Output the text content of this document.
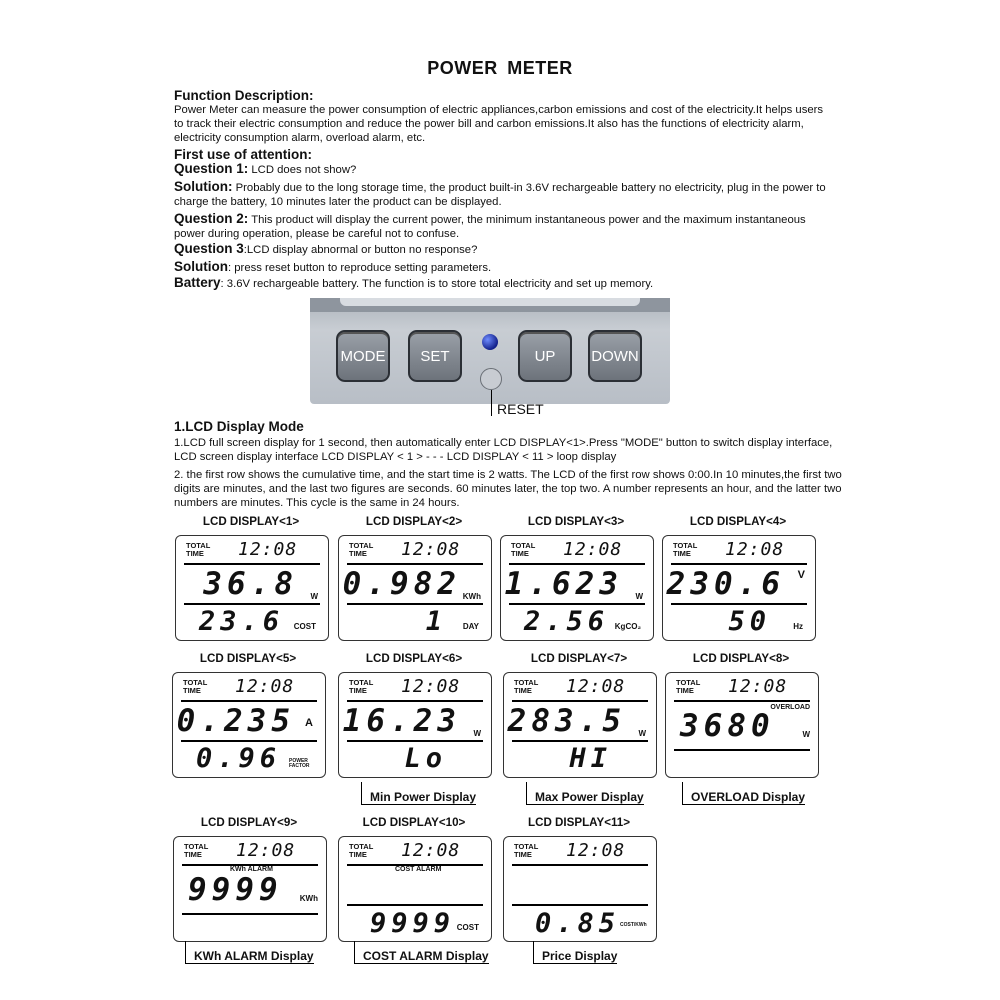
POWER METER
Function Description:
Power Meter can measure the power consumption of electric appliances,carbon emissions and cost of the electricity.It helps users to track their electric consumption and reduce the power bill and carbon emissions.It also has the functions of electricity alarm, electricity consumption alarm, overload alarm, etc.
First use of attention:
Question 1: LCD does not show?
Solution: Probably due to the long storage time, the product built-in 3.6V rechargeable battery no electricity, plug in the power to charge the battery, 10 minutes later the product can be displayed.
Question 2: This product will display the current power, the minimum instantaneous power and the maximum instantaneous power during operation, please be careful not to confuse.
Question 3:LCD display abnormal or button no response?
Solution: press reset button to reproduce setting parameters.
Battery: 3.6V rechargeable battery. The function is to store total electricity and set up memory.
MODE	SET	UP	DOWN
RESET
1.LCD Display Mode
1.LCD full screen display for 1 second, then automatically enter LCD DISPLAY<1>.Press "MODE" button to switch display interface, LCD screen display interface LCD DISPLAY < 1 > - - - LCD DISPLAY < 11 > loop display
2. the first row shows the cumulative time, and the start time is 2 watts. The LCD of the first row shows 0:00.In 10 minutes,the first two digits are minutes, and the last two figures are seconds. 60 minutes later, the top two. A number represents an hour, and the latter two numbers are minutes. This cycle is the same in 24 hours.
LCD DISPLAY<1>
TOTAL
TIME	12:08
36.8 W
23.6 COST
LCD DISPLAY<2>
TOTAL
TIME	12:08
0.982 KWh
1 DAY
LCD DISPLAY<3>
TOTAL
TIME	12:08
1.623 W
2.56 KgCO₂
LCD DISPLAY<4>
TOTAL
TIME	12:08
230.6 V
50	Hz
LCD DISPLAY<5>
TOTAL
TIME	12:08
0.235 A
0.96 POWER FACTOR
LCD DISPLAY<6>
TOTAL
TIME	12:08
16.23 W
Lo
Min Power Display
LCD DISPLAY<7>
TOTAL
TIME	12:08
283.5 W
HI
Max Power Display
LCD DISPLAY<8>
TOTAL
TIME	12:08
OVERLOAD
3680	W
OVERLOAD Display
LCD DISPLAY<9>
TOTAL
TIME	12:08
KWh ALARM
9999 KWh
KWh ALARM Display
LCD DISPLAY<10>
TOTAL
TIME	12:08
COST ALARM
9999 COST
COST ALARM Display
LCD DISPLAY<11>
TOTAL
TIME	12:08
0.85 COST/KWh
Price Display
